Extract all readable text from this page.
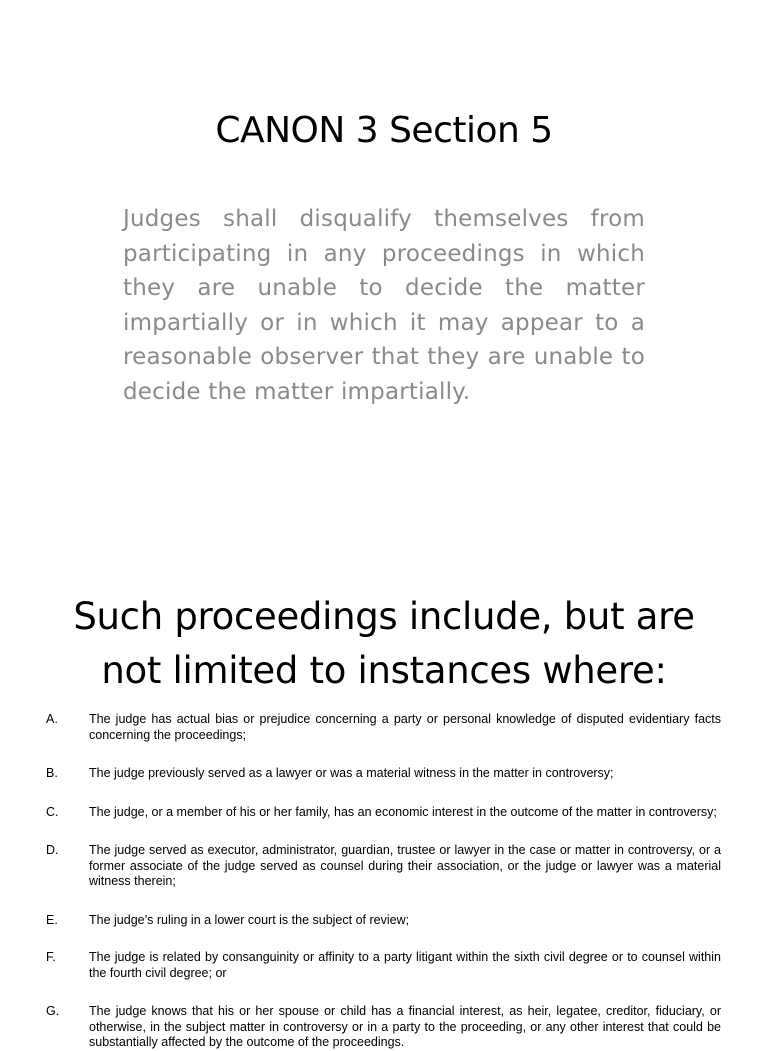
CANON 3 Section 5

Judges shall disqualify themselves from participating in any proceedings in which they are unable to decide the matter impartially or in which it may appear to a reasonable observer that they are unable to decide the matter impartially.

Such proceedings include, but are
not limited to instances where:
A. The judge has actual bias or prejudice concerning a party or personal knowledge of disputed evidentiary facts concerning the proceedings;
B. The judge previously served as a lawyer or was a material witness in the matter in controversy;
C. The judge, or a member of his or her family, has an economic interest in the outcome of the matter in controversy;
D. The judge served as executor, administrator, guardian, trustee or lawyer in the case or matter in controversy, or a former associate of the judge served as counsel during their association, or the judge or lawyer was a material witness therein;
E. The judge’s ruling in a lower court is the subject of review;
F.	The judge is related by consanguinity or affinity to a party litigant within the sixth civil degree or to counsel within the fourth civil degree; or
G. The judge knows that his or her spouse or child has a financial interest, as heir, legatee, creditor, fiduciary, or otherwise, in the subject matter in controversy or in a party to the proceeding, or any other interest that could be substantially affected by the outcome of the proceedings.
